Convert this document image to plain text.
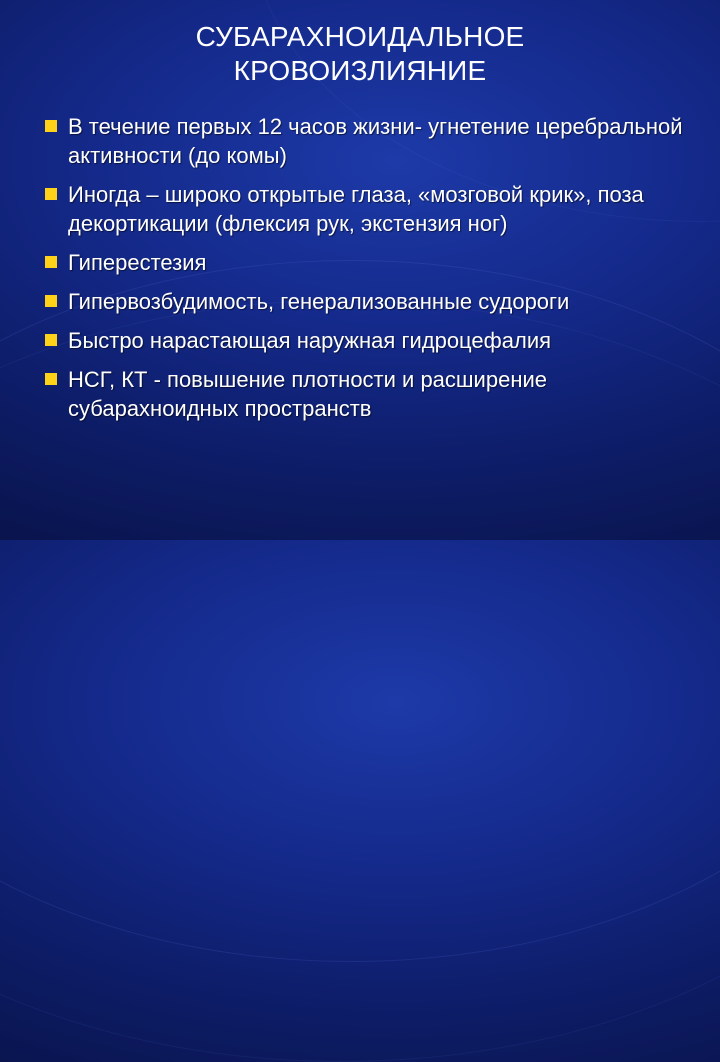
СУБАРАХНОИДАЛЬНОЕ
КРОВОИЗЛИЯНИЕ
В течение первых 12 часов жизни- угнетение церебральной активности (до комы)
Иногда – широко открытые глаза, «мозговой крик», поза декортикации (флексия рук, экстензия ног)
Гиперестезия
Гипервозбудимость, генерализованные судороги
Быстро нарастающая наружная гидроцефалия
НСГ, КТ - повышение плотности и расширение субарахноидных пространств
